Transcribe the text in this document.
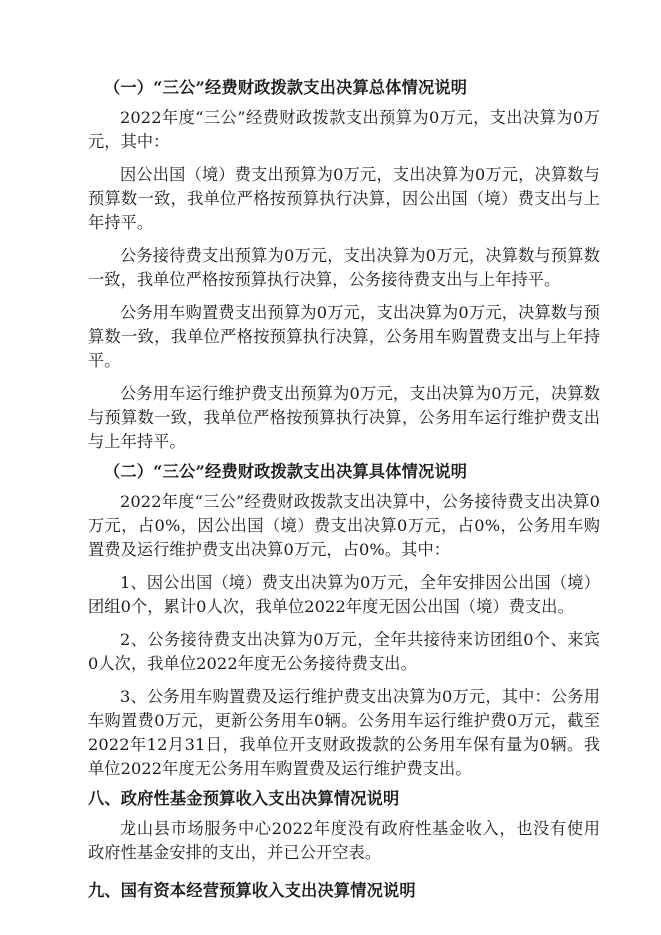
（一）“三公”经费财政拨款支出决算总体情况说明

2022年度“三公”经费财政拨款支出预算为0万元，支出决算为0万元，其中：

因公出国（境）费支出预算为0万元，支出决算为0万元，决算数与预算数一致，我单位严格按预算执行决算，因公出国（境）费支出与上年持平。

公务接待费支出预算为0万元，支出决算为0万元，决算数与预算数一致，我单位严格按预算执行决算，公务接待费支出与上年持平。

公务用车购置费支出预算为0万元，支出决算为0万元，决算数与预算数一致，我单位严格按预算执行决算，公务用车购置费支出与上年持平。

公务用车运行维护费支出预算为0万元，支出决算为0万元，决算数与预算数一致，我单位严格按预算执行决算，公务用车运行维护费支出与上年持平。

（二）“三公”经费财政拨款支出决算具体情况说明

2022年度“三公”经费财政拨款支出决算中，公务接待费支出决算0万元，占0%，因公出国（境）费支出决算0万元，占0%，公务用车购置费及运行维护费支出决算0万元，占0%。其中：

1、因公出国（境）费支出决算为0万元，全年安排因公出国（境）团组0个，累计0人次，我单位2022年度无因公出国（境）费支出。

2、公务接待费支出决算为0万元，全年共接待来访团组0个、来宾0人次，我单位2022年度无公务接待费支出。

3、公务用车购置费及运行维护费支出决算为0万元，其中：公务用车购置费0万元，更新公务用车0辆。公务用车运行维护费0万元，截至2022年12月31日，我单位开支财政拨款的公务用车保有量为0辆。我单位2022年度无公务用车购置费及运行维护费支出。

八、政府性基金预算收入支出决算情况说明

龙山县市场服务中心2022年度没有政府性基金收入，也没有使用政府性基金安排的支出，并已公开空表。

九、国有资本经营预算收入支出决算情况说明
